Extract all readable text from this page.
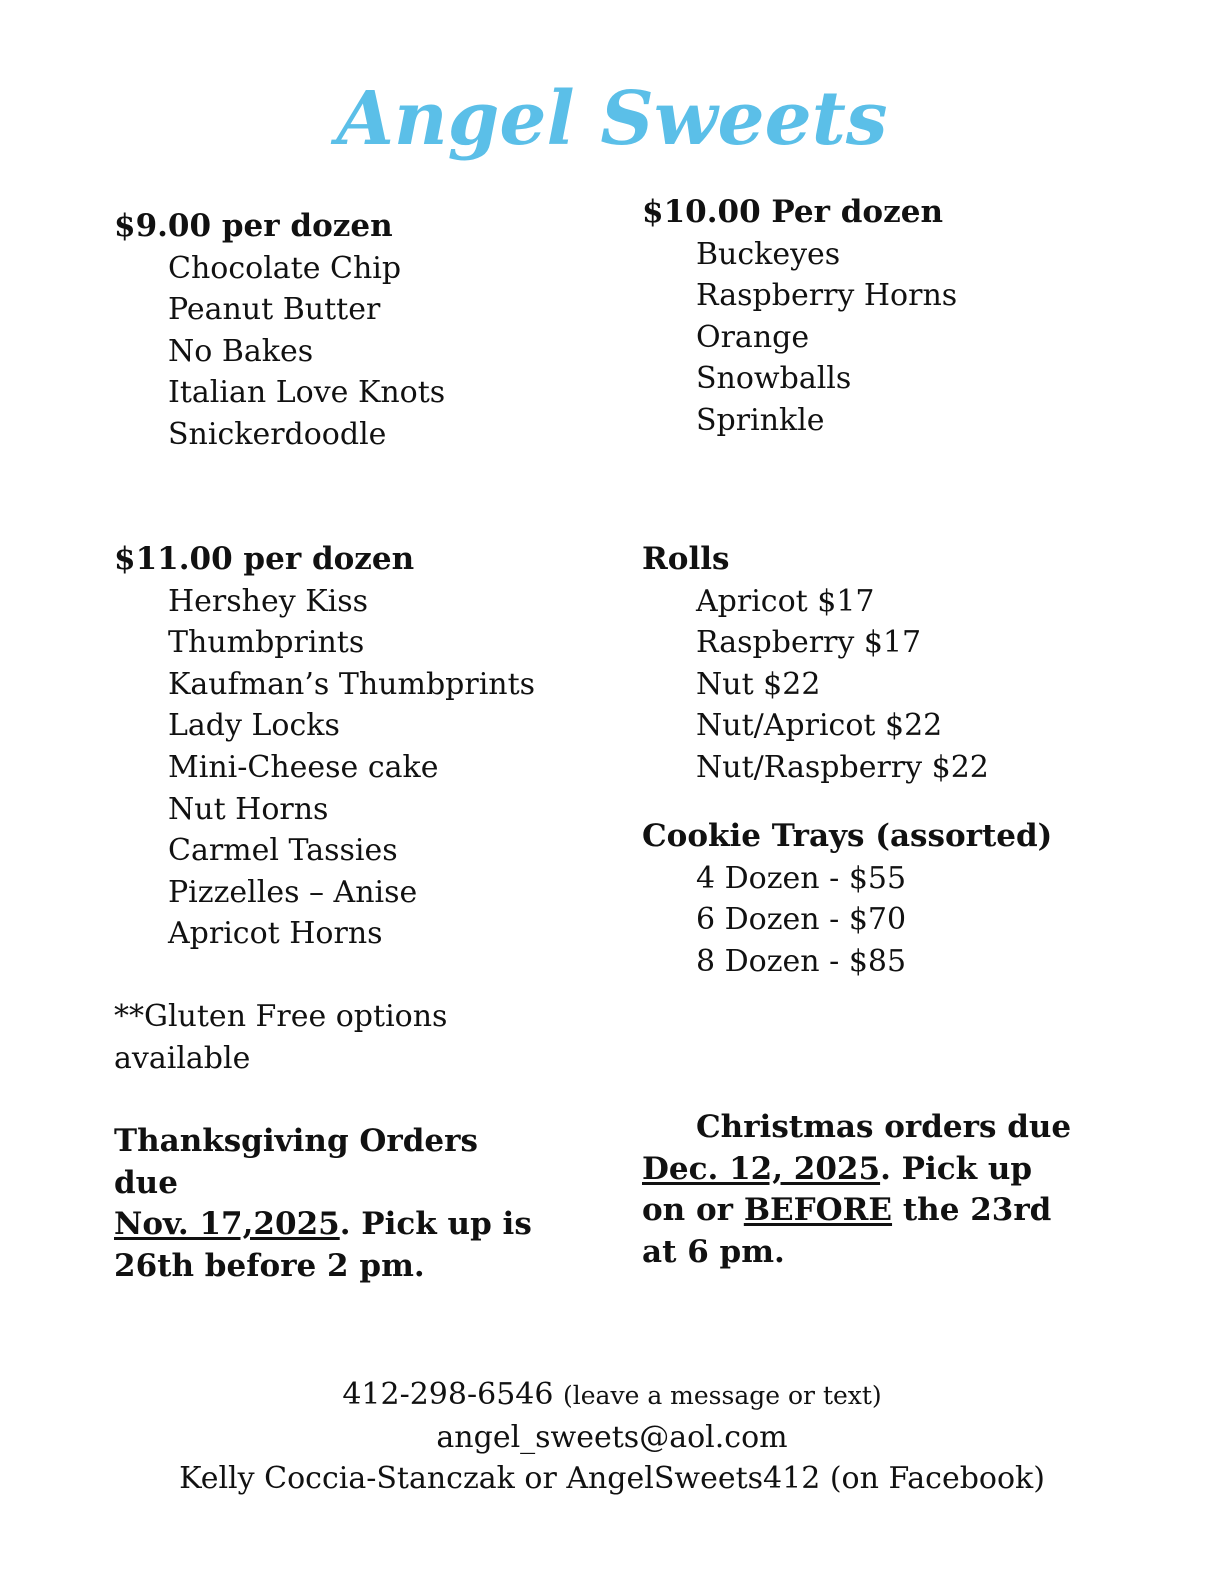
Angel Sweets
$9.00 per dozen
Chocolate Chip
Peanut Butter
No Bakes
Italian Love Knots
Snickerdoodle
$10.00 Per dozen
Buckeyes
Raspberry Horns
Orange
Snowballs
Sprinkle
$11.00 per dozen
Hershey Kiss
Thumbprints
Kaufman’s Thumbprints
Lady Locks
Mini-Cheese cake
Nut Horns
Carmel Tassies
Pizzelles – Anise
Apricot Horns
Rolls
Apricot $17
Raspberry $17
Nut $22
Nut/Apricot $22
Nut/Raspberry $22
Cookie Trays (assorted)
4 Dozen - $55
6 Dozen - $70
8 Dozen - $85
**Gluten Free options available
Thanksgiving Orders due
Nov. 17,2025. Pick up is 26th before 2 pm.
Christmas orders due
Dec. 12, 2025. Pick up on or BEFORE the 23rd at 6 pm.
412-298-6546 (leave a message or text)
angel_sweets@aol.com
Kelly Coccia-Stanczak or AngelSweets412 (on Facebook)
